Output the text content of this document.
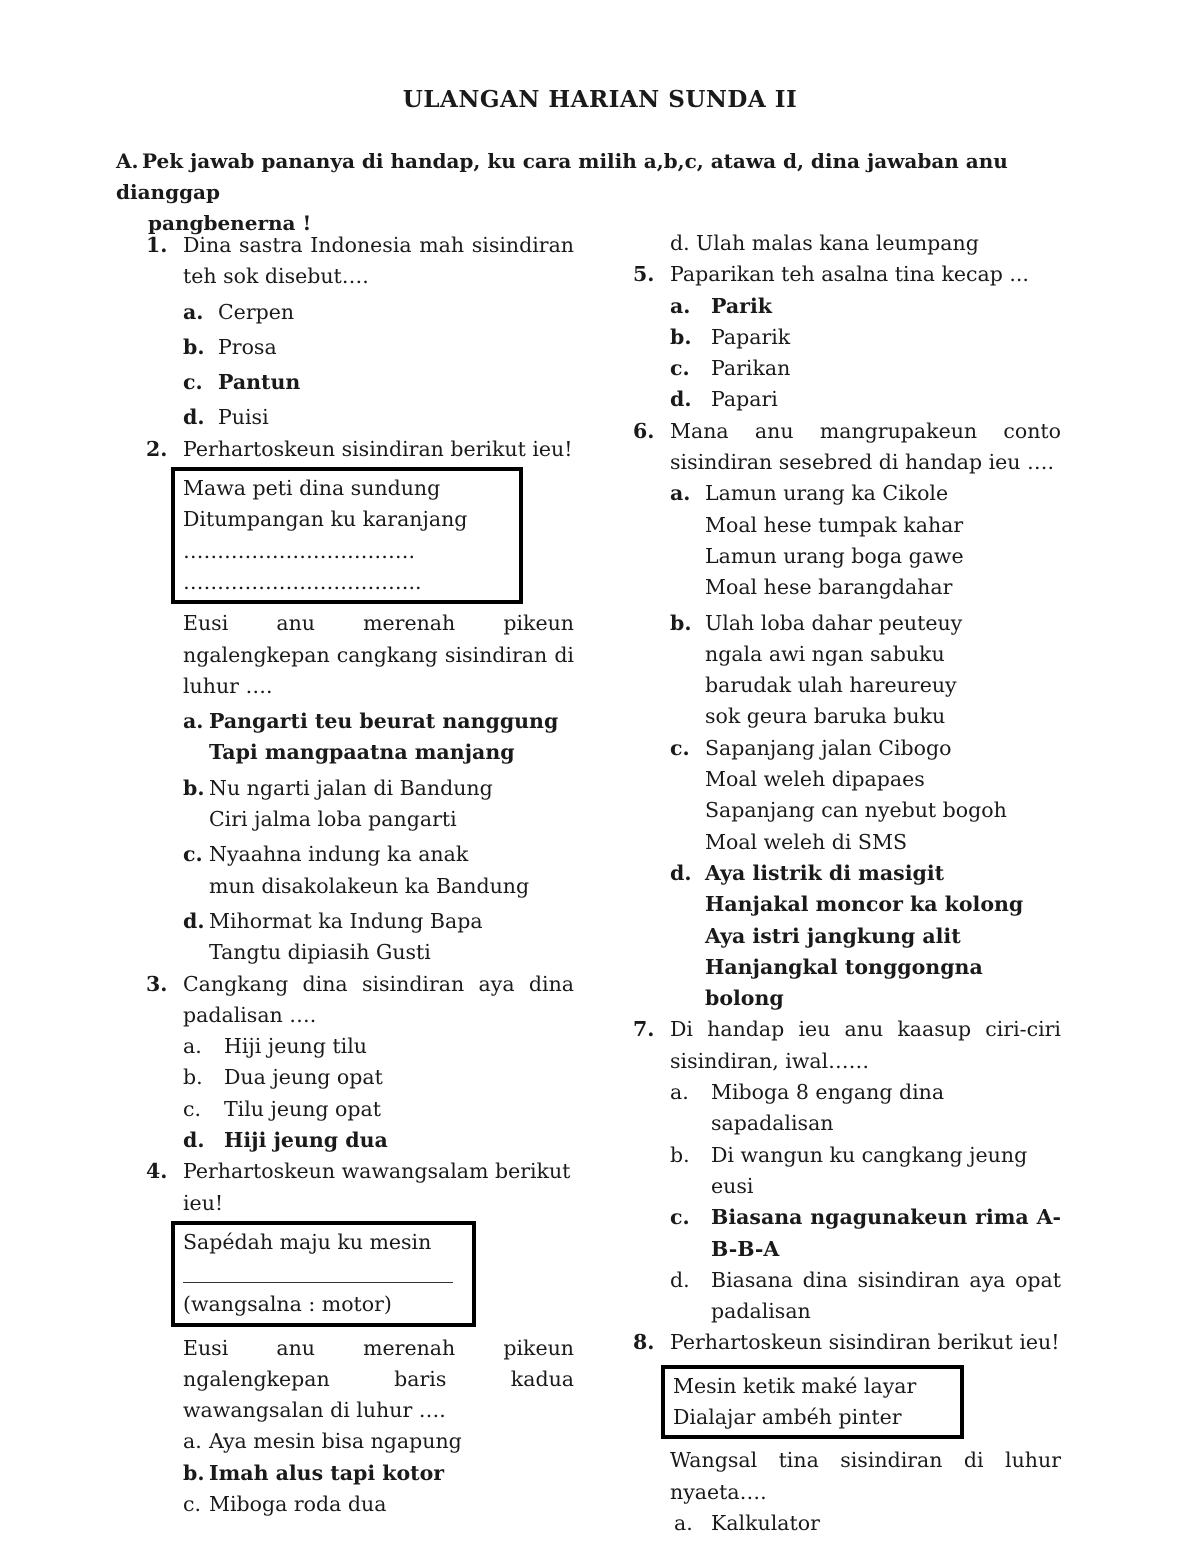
ULANGAN HARIAN SUNDA II
A. Pek jawab pananya di handap, ku cara milih a,b,c, atawa d, dina jawaban anu dianggap
pangbenerna !
1. Dina sastra Indonesia mah sisindiran teh sok disebut….
a. Cerpen
b. Prosa
c. Pantun
d. Puisi
2. Perhartoskeun sisindiran berikut ieu!
Mawa peti dina sundung
Ditumpangan ku karanjang
…………………………….
……………………………..
Eusi anu merenah pikeun ngalengkepan cangkang sisindiran di luhur ….
a. Pangarti teu beurat nanggung
Tapi mangpaatna manjang
b. Nu ngarti jalan di Bandung
Ciri jalma loba pangarti
c. Nyaahna indung ka anak
mun disakolakeun ka Bandung
d. Mihormat ka Indung Bapa
Tangtu dipiasih Gusti
3. Cangkang dina sisindiran aya dina padalisan ….
a.	Hiji jeung tilu
b.	Dua jeung opat
c.	Tilu jeung opat
d. Hiji jeung dua
4. Perhartoskeun wawangsalam berikut ieu!
Sapédah maju ku mesin
(wangsalna : motor)
Eusi anu merenah pikeun ngalengkepan baris kadua wawangsalan di luhur ….
a. Aya mesin bisa ngapung
b. Imah alus tapi kotor
c. Miboga roda dua
d. Ulah malas kana leumpang
5. Paparikan teh asalna tina kecap ...
a.	Parik
b. Paparik
c.	Parikan
d. Papari
6. Mana anu mangrupakeun conto
sisindiran sesebred di handap ieu ….
a. Lamun urang ka Cikole
Moal hese tumpak kahar
Lamun urang boga gawe
Moal hese barangdahar
b. Ulah loba dahar peuteuy
ngala awi ngan sabuku
barudak ulah hareureuy
sok geura baruka buku
c. Sapanjang jalan Cibogo
Moal weleh dipapaes
Sapanjang can nyebut bogoh
Moal weleh di SMS
d. Aya listrik di masigit
Hanjakal moncor ka kolong
Aya istri jangkung alit
Hanjangkal tonggongna bolong
7. Di handap ieu anu kaasup ciri-ciri sisindiran, iwal……
a.	Miboga 8 engang dina sapadalisan
b.	Di wangun ku cangkang jeung eusi
c.	Biasana ngagunakeun rima A-B-B-A
d.	Biasana dina sisindiran aya opat padalisan
8. Perhartoskeun sisindiran berikut ieu!
Mesin ketik maké layar
Dialajar ambéh pinter
Wangsal tina sisindiran di luhur nyaeta….
a. Kalkulator
